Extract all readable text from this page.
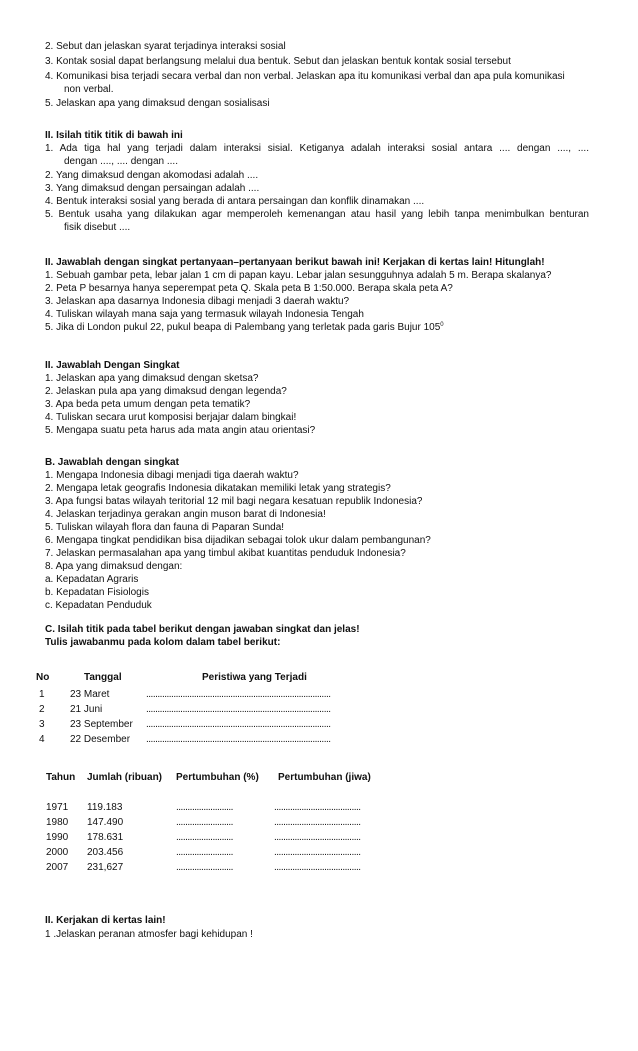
2. Sebut dan jelaskan syarat terjadinya interaksi sosial
3. Kontak sosial dapat berlangsung melalui dua bentuk. Sebut dan jelaskan bentuk kontak sosial tersebut
4. Komunikasi bisa terjadi secara verbal dan non verbal. Jelaskan apa itu komunikasi verbal dan apa pula komunikasi
non verbal.
5. Jelaskan apa yang dimaksud dengan sosialisasi
II. Isilah titik titik di bawah ini
1. Ada tiga hal yang terjadi dalam interaksi sisial. Ketiganya adalah interaksi sosial antara .... dengan ...., ....
dengan ...., .... dengan ....
2. Yang dimaksud dengan akomodasi adalah ....
3. Yang dimaksud dengan persaingan adalah ....
4. Bentuk interaksi sosial yang berada di antara persaingan dan konflik dinamakan ....
5. Bentuk usaha yang dilakukan agar memperoleh kemenangan atau hasil yang lebih tanpa menimbulkan benturan
fisik disebut ....
II. Jawablah dengan singkat pertanyaan–pertanyaan berikut bawah ini! Kerjakan di kertas lain! Hitunglah!
1. Sebuah gambar peta, lebar jalan 1 cm di papan kayu. Lebar jalan sesungguhnya adalah 5 m. Berapa skalanya?
2. Peta P besarnya hanya seperempat peta Q. Skala peta B 1:50.000. Berapa skala peta A?
3. Jelaskan apa dasarnya Indonesia dibagi menjadi 3 daerah waktu?
4. Tuliskan wilayah mana saja yang termasuk wilayah Indonesia Tengah
5. Jika di London pukul 22, pukul beapa di Palembang yang terletak pada garis Bujur $105^0$
II. Jawablah Dengan Singkat
1. Jelaskan apa yang dimaksud dengan sketsa?
2. Jelaskan pula apa yang dimaksud dengan legenda?
3. Apa beda peta umum dengan peta tematik?
4. Tuliskan secara urut komposisi berjajar dalam bingkai!
5. Mengapa suatu peta harus ada mata angin atau orientasi?
B. Jawablah dengan singkat
1. Mengapa Indonesia dibagi menjadi tiga daerah waktu?
2. Mengapa letak geografis Indonesia dikatakan memiliki letak yang strategis?
3. Apa fungsi batas wilayah teritorial 12 mil bagi negara kesatuan republik Indonesia?
4. Jelaskan terjadinya gerakan angin muson barat di Indonesia!
5. Tuliskan wilayah flora dan fauna di Paparan Sunda!
6. Mengapa tingkat pendidikan bisa dijadikan sebagai tolok ukur dalam pembangunan?
7. Jelaskan permasalahan apa yang timbul akibat kuantitas penduduk Indonesia?
8. Apa yang dimaksud dengan:
a. Kepadatan Agraris
b. Kepadatan Fisiologis
c. Kepadatan Penduduk
C. Isilah titik pada tabel berikut dengan jawaban singkat dan jelas!
Tulis jawabanmu pada kolom dalam tabel berikut:
No	Tanggal	Peristiwa yang Terjadi
1	23 Maret	.................................................................................
2	21 Juni	.................................................................................
3	23 September .................................................................................
4	22 Desember .................................................................................
Tahun Jumlah (ribuan) Pertumbuhan (%) Pertumbuhan (jiwa)
1971 119.183	.........................	......................................
1980 147.490	.........................	......................................
1990 178.631	.........................	......................................
2000 203.456	.........................	......................................
2007 231,627	.........................	......................................
II. Kerjakan di kertas lain!
1 .Jelaskan peranan atmosfer bagi kehidupan !
